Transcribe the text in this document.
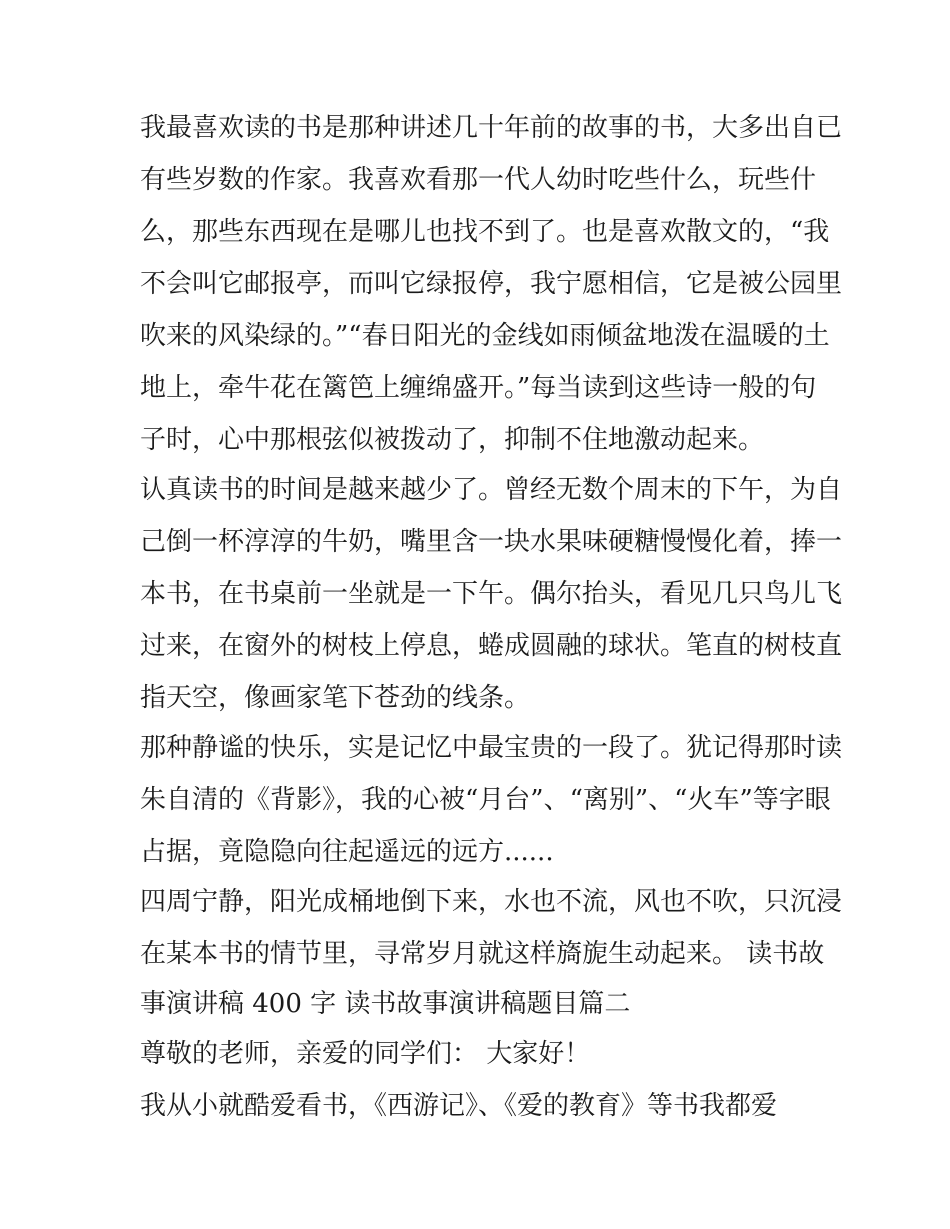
我最喜欢读的书是那种讲述几十年前的故事的书，大多出自已
有些岁数的作家。我喜欢看那一代人幼时吃些什么，玩些什
么，那些东西现在是哪儿也找不到了。也是喜欢散文的，“我
不会叫它邮报亭，而叫它绿报停，我宁愿相信，它是被公园里
吹来的风染绿的。”“春日阳光的金线如雨倾盆地泼在温暖的土
地上，牵牛花在篱笆上缠绵盛开。”每当读到这些诗一般的句
子时，心中那根弦似被拨动了，抑制不住地激动起来。
认真读书的时间是越来越少了。曾经无数个周末的下午，为自
己倒一杯淳淳的牛奶，嘴里含一块水果味硬糖慢慢化着，捧一
本书，在书桌前一坐就是一下午。偶尔抬头，看见几只鸟儿飞
过来，在窗外的树枝上停息，蜷成圆融的球状。笔直的树枝直
指天空，像画家笔下苍劲的线条。
那种静谧的快乐，实是记忆中最宝贵的一段了。犹记得那时读
朱自清的《背影》，我的心被“月台”、“离别”、“火车”等字眼
占据，竟隐隐向往起遥远的远方......
四周宁静，阳光成桶地倒下来，水也不流，风也不吹，只沉浸
在某本书的情节里，寻常岁月就这样旖旎生动起来。 读书故
事演讲稿 400 字 读书故事演讲稿题目篇二
尊敬的老师，亲爱的同学们： 大家好！
我从小就酷爱看书，《西游记》、《爱的教育》等书我都爱
